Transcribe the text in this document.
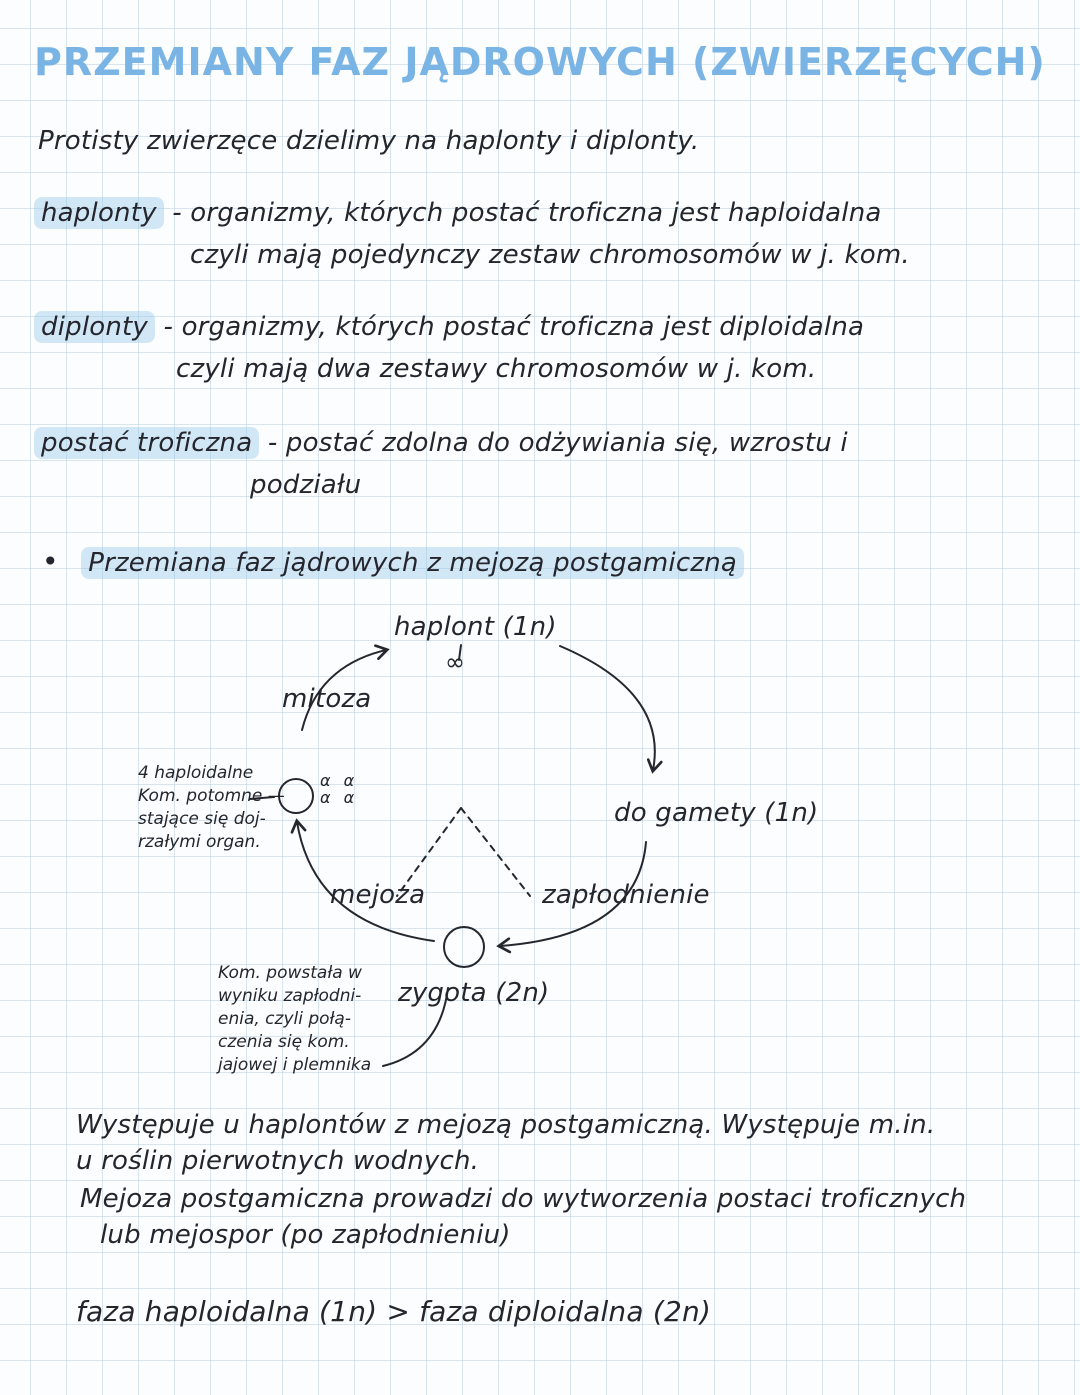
PRZEMIANY FAZ JĄDROWYCH (ZWIERZĘCYCH)
Protisty zwierzęce dzielimy na haplonty i diplonty.
haplonty - organizmy, których postać troficzna jest haploidalna
czyli mają pojedynczy zestaw chromosomów w j. kom.
diplonty - organizmy, których postać troficzna jest diploidalna
czyli mają dwa zestawy chromosomów w j. kom.
postać troficzna - postać zdolna do odżywiania się, wzrostu i
podziału
• Przemiana faz jądrowych z mejozą postgamiczną
haplont (1n)
∞
mitoza
α α
α α
4 haploidalne
Kom. potomne —
stające się doj-
rzałymi organ.
do gamety (1n)
mejoza	zapłodnienie
zygota (2n)
Kom. powstała w
wyniku zapłodni-
enia, czyli połą-
czenia się kom.
jajowej i plemnika
Występuje u haplontów z mejozą postgamiczną. Występuje m.in.
u roślin pierwotnych wodnych.
Mejoza postgamiczna prowadzi do wytworzenia postaci troficznych
lub mejospor (po zapłodnieniu)
faza haploidalna (1n) > faza diploidalna (2n)
